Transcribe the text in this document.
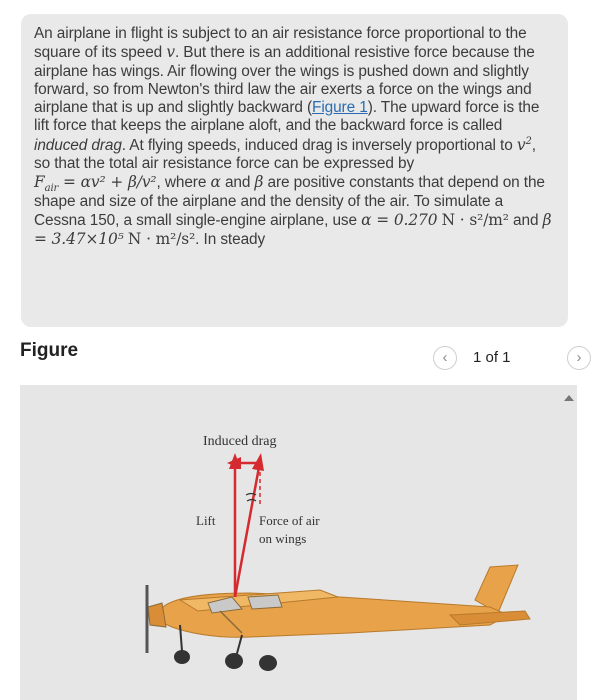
An airplane in flight is subject to an air resistance force proportional to the square of its speed v. But there is an additional resistive force because the airplane has wings. Air flowing over the wings is pushed down and slightly forward, so from Newton's third law the air exerts a force on the wings and airplane that is up and slightly backward (Figure 1). The upward force is the lift force that keeps the airplane aloft, and the backward force is called induced drag. At flying speeds, induced drag is inversely proportional to $v^2$, so that the total air resistance force can be expressed by
$F_{air} = \alpha v^2 + \beta/v^2$, where α and β are positive constants that depend on the shape and size of the airplane and the density of the air. To simulate a Cessna 150, a small single-engine airplane, use α = 0.270 N · s²/m² and β = 3.47×10⁵ N · m²/s². In steady

Figure	‹	1 of 1	›
Induced drag
Lift	Force of air
on wings
